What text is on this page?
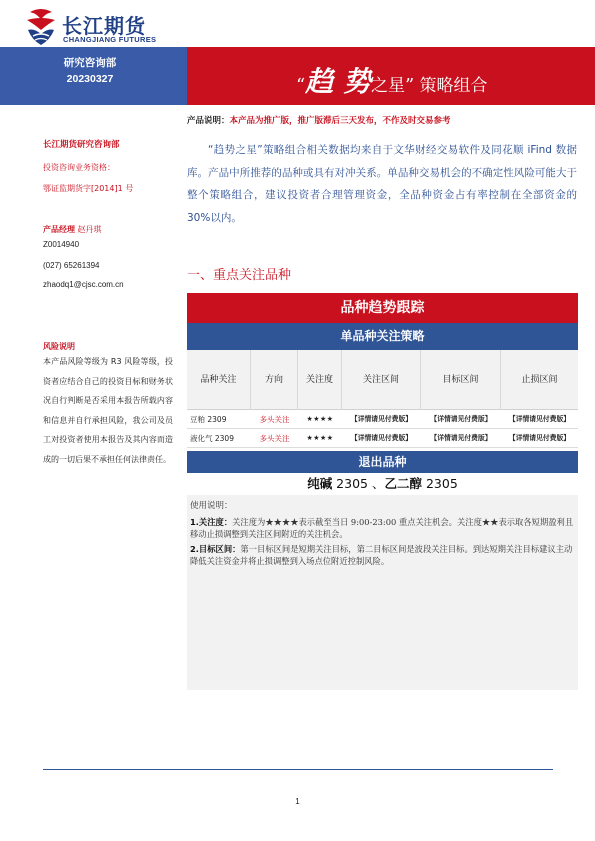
长江期货
CHANGJIANG FUTURES
研究咨询部
20230327	“趋 势之星” 策略组合
长江期货研究咨询部
投资咨询业务资格：
鄂证监期货字[2014]1 号
产品经理 赵丹琪
Z0014940
(027) 65261394
zhaodq1@cjsc.com.cn
风险说明
本产品风险等级为 R3 风险等级，投资者应结合自己的投资目标和财务状况自行判断是否采用本报告所载内容和信息并自行承担风险，我公司及员工对投资者使用本报告及其内容而造成的一切后果不承担任何法律责任。
产品说明：本产品为推广版，推广版滞后三天发布，不作及时交易参考
“趋势之星”策略组合相关数据均来自于文华财经交易软件及同花顺 iFind 数据库。产品中所推荐的品种或具有对冲关系。单品种交易机会的不确定性风险可能大于整个策略组合，建议投资者合理管理资金，全品种资金占有率控制在全部资金的 30%以内。
一、重点关注品种
品种趋势跟踪
单品种关注策略
品种关注	方向	关注度	关注区间	目标区间	止损区间
豆粕 2309	多头关注	★★★★	【详情请见付费版】	【详情请见付费版】	【详情请见付费版】
液化气 2309	多头关注	★★★★	【详情请见付费版】	【详情请见付费版】	【详情请见付费版】
退出品种
纯碱 2305 、乙二醇 2305
使用说明：
1.关注度：关注度为★★★★表示截至当日 9:00-23:00 重点关注机会。关注度★★表示取各短期盈利且移动止损调整到关注区间附近的关注机会。
2.目标区间：第一目标区间是短期关注目标，第二目标区间是波段关注目标。到达短期关注目标建议主动降低关注资金并将止损调整到入场点位附近控制风险。
1
